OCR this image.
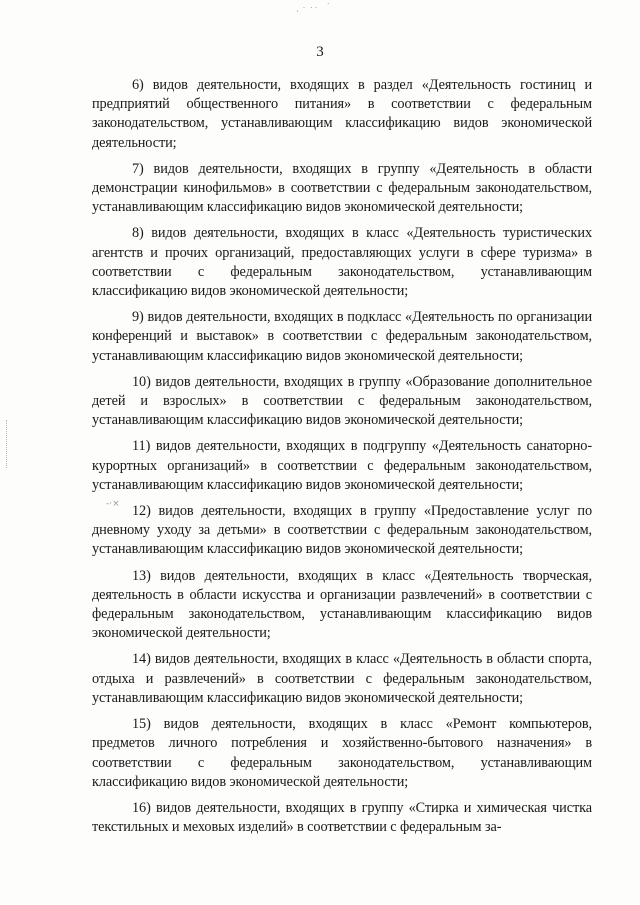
· ˙ ˙˙ ˙
-·×
3

6) видов деятельности, входящих в раздел «Деятельность гостиниц и предприятий общественного питания» в соответствии с федеральным законодательством, устанавливающим классификацию видов экономической деятельности;

7) видов деятельности, входящих в группу «Деятельность в области демонстрации кинофильмов» в соответствии с федеральным законодательством, устанавливающим классификацию видов экономической деятельности;

8) видов деятельности, входящих в класс «Деятельность туристических агентств и прочих организаций, предоставляющих услуги в сфере туризма» в соответствии с федеральным законодательством, устанавливающим классификацию видов экономической деятельности;

9) видов деятельности, входящих в подкласс «Деятельность по организации конференций и выставок» в соответствии с федеральным законодательством, устанавливающим классификацию видов экономической деятельности;

10) видов деятельности, входящих в группу «Образование дополнительное детей и взрослых» в соответствии с федеральным законодательством, устанавливающим классификацию видов экономической деятельности;

11) видов деятельности, входящих в подгруппу «Деятельность санаторно-курортных организаций» в соответствии с федеральным законодательством, устанавливающим классификацию видов экономической деятельности;

12) видов деятельности, входящих в группу «Предоставление услуг по дневному уходу за детьми» в соответствии с федеральным законодательством, устанавливающим классификацию видов экономической деятельности;

13) видов деятельности, входящих в класс «Деятельность творческая, деятельность в области искусства и организации развлечений» в соответствии с федеральным законодательством, устанавливающим классификацию видов экономической деятельности;

14) видов деятельности, входящих в класс «Деятельность в области спорта, отдыха и развлечений» в соответствии с федеральным законодательством, устанавливающим классификацию видов экономической деятельности;

15) видов деятельности, входящих в класс «Ремонт компьютеров, предметов личного потребления и хозяйственно-бытового назначения» в соответствии с федеральным законодательством, устанавливающим классификацию видов экономической деятельности;

16) видов деятельности, входящих в группу «Стирка и химическая чистка текстильных и меховых изделий» в соответствии с федеральным за-
